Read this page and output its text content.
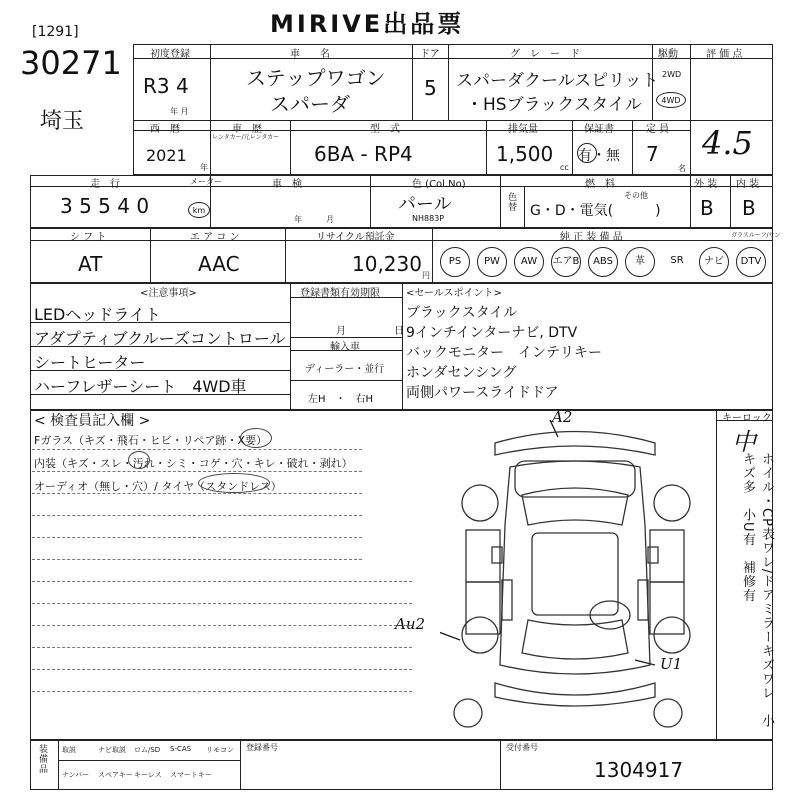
MIRIVE出品票
[1291]
30271
埼玉
初度登録
R3 4
年 月
車　　名
ステップワゴン
スパーダ
ドア
5
グ　レ　ー　ド
スパーダクールスピリット
・HSブラックスタイル
駆動
2WD
4WD
評 価 点
4.5
西　暦
2021
年
車　歴
レンタカー/元レンタカー
型　式
6BA - RP4
排気量
1,500
cc
保証書
有・無
定 員
7
名
走　行	メーター
3 5 5 4 0	km
車　検
年　　　月
色 (Col.No)
パール
NH883P
色替
燃　料
その他
G・D・電気(　　　)
外 装
B
内 装
B
シ フ ト
AT
エ ア コ ン
AAC
リサイクル預託金
10,230 円
純 正 装 備 品	ガラスルーフ/サン
PS	PW	AW	エアB	ABS	革	SR	ナビ	DTV
<注意事項>
LEDヘッドライト
アダプティブクルーズコントロール
シートヒーター
ハーフレザーシート　4WD車
登録書類有効期限
月	日
輸入車
ディーラー・並行
左H　・　右H
<セールスポイント>
ブラックスタイル
9インチインターナビ, DTV
バックモニター　インテリキー
ホンダセンシング
両側パワースライドドア
キーロック
中
ホイル・CP表ワレ/ドアミラーキズワレ　小キズ多　小U有　補修有
< 検査員記入欄 >
Fガラス（キズ・飛石・ヒビ・リペア跡・X要）
内装（キズ・スレ・汚れ・シミ・コゲ・穴・キレ・破れ・剥れ）
オーディオ（無し・穴）/ タイヤ（スタンドレス）
A2
Au2
U1
装備品 取説	ナビ取説 ロム/SD S-CAS リモコン
ナンバー スペアキー キーレス スマートキー
登録番号	受付番号
1304917
